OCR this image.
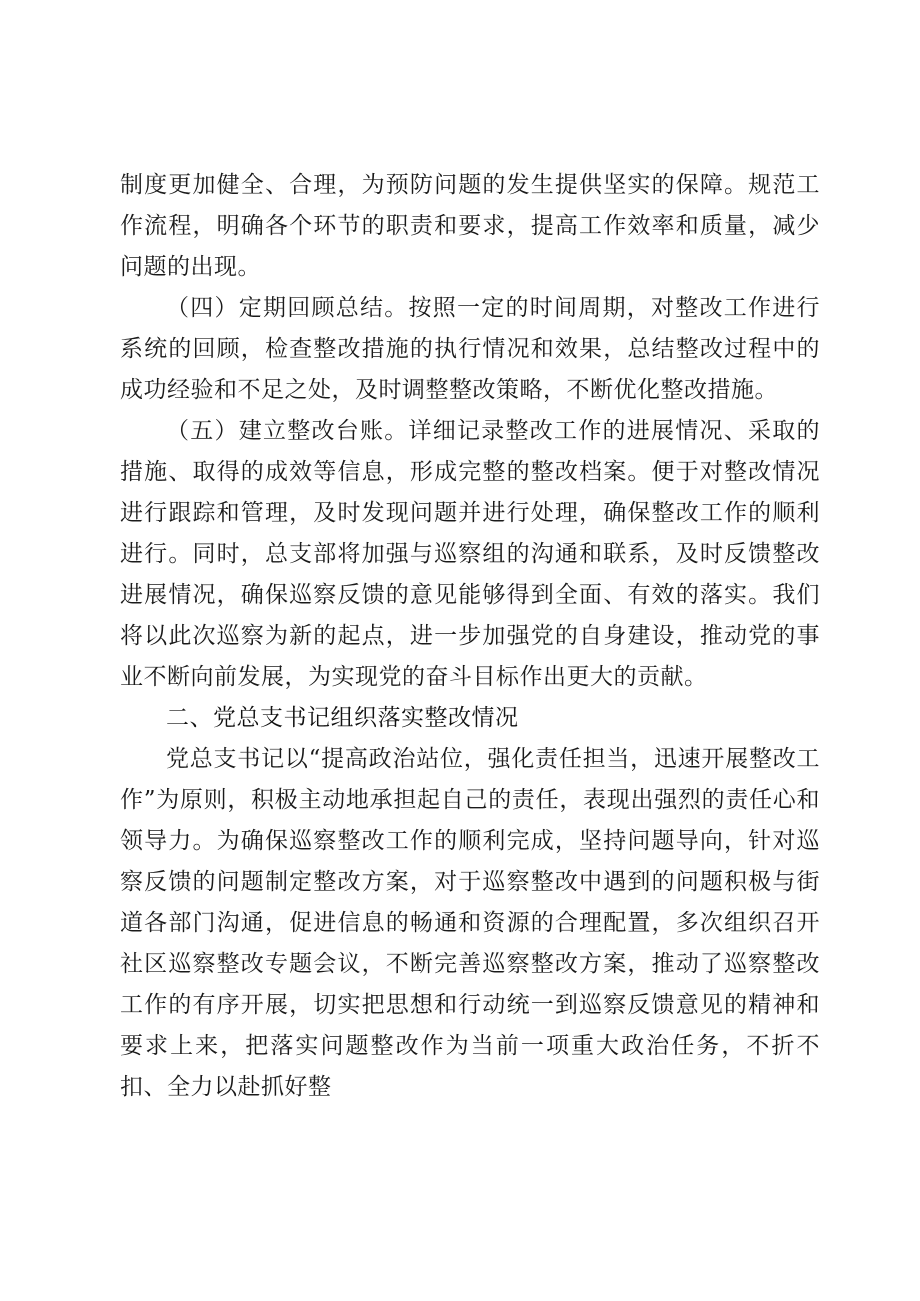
制度更加健全、合理，为预防问题的发生提供坚实的保障。规范工作流程，明确各个环节的职责和要求，提高工作效率和质量，减少问题的出现。

（四）定期回顾总结。按照一定的时间周期，对整改工作进行系统的回顾，检查整改措施的执行情况和效果，总结整改过程中的成功经验和不足之处，及时调整整改策略，不断优化整改措施。

（五）建立整改台账。详细记录整改工作的进展情况、采取的措施、取得的成效等信息，形成完整的整改档案。便于对整改情况进行跟踪和管理，及时发现问题并进行处理，确保整改工作的顺利进行。同时，总支部将加强与巡察组的沟通和联系，及时反馈整改进展情况，确保巡察反馈的意见能够得到全面、有效的落实。我们将以此次巡察为新的起点，进一步加强党的自身建设，推动党的事业不断向前发展，为实现党的奋斗目标作出更大的贡献。

二、党总支书记组织落实整改情况

党总支书记以“提高政治站位，强化责任担当，迅速开展整改工作”为原则，积极主动地承担起自己的责任，表现出强烈的责任心和领导力。为确保巡察整改工作的顺利完成，坚持问题导向，针对巡察反馈的问题制定整改方案，对于巡察整改中遇到的问题积极与街道各部门沟通，促进信息的畅通和资源的合理配置，多次组织召开社区巡察整改专题会议，不断完善巡察整改方案，推动了巡察整改工作的有序开展，切实把思想和行动统一到巡察反馈意见的精神和要求上来，把落实问题整改作为当前一项重大政治任务，不折不扣、全力以赴抓好整
